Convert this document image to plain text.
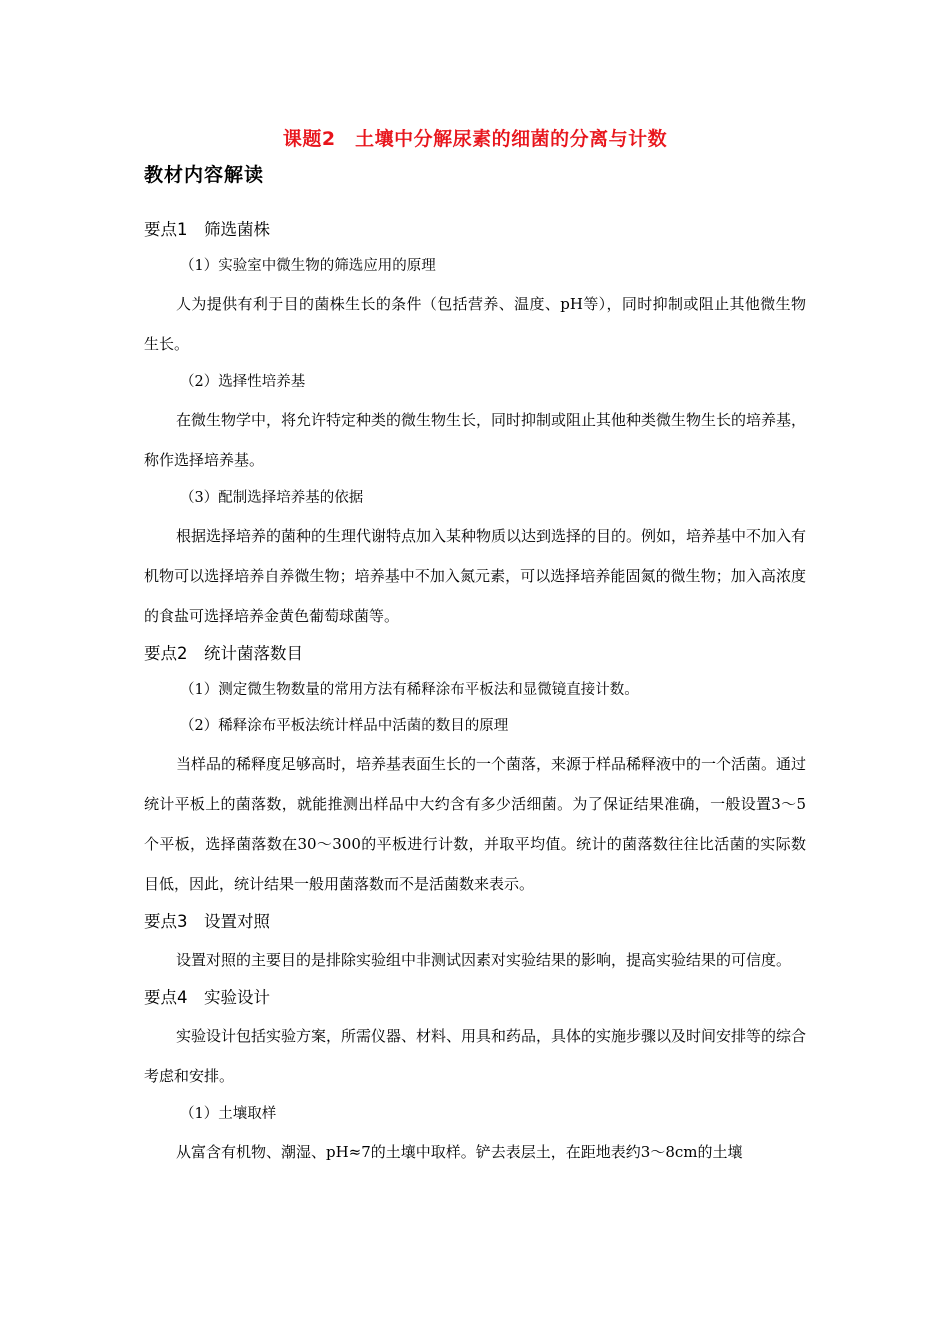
课题2　土壤中分解尿素的细菌的分离与计数
教材内容解读
要点1　筛选菌株
（1）实验室中微生物的筛选应用的原理

人为提供有利于目的菌株生长的条件（包括营养、温度、pH等），同时抑制或阻止其他微生物生长。

（2）选择性培养基

在微生物学中，将允许特定种类的微生物生长，同时抑制或阻止其他种类微生物生长的培养基，称作选择培养基。

（3）配制选择培养基的依据

根据选择培养的菌种的生理代谢特点加入某种物质以达到选择的目的。例如，培养基中不加入有机物可以选择培养自养微生物；培养基中不加入氮元素，可以选择培养能固氮的微生物；加入高浓度的食盐可选择培养金黄色葡萄球菌等。

要点2　统计菌落数目
（1）测定微生物数量的常用方法有稀释涂布平板法和显微镜直接计数。
（2）稀释涂布平板法统计样品中活菌的数目的原理

当样品的稀释度足够高时，培养基表面生长的一个菌落，来源于样品稀释液中的一个活菌。通过统计平板上的菌落数，就能推测出样品中大约含有多少活细菌。为了保证结果准确，一般设置3～5个平板，选择菌落数在30～300的平板进行计数，并取平均值。统计的菌落数往往比活菌的实际数目低，因此，统计结果一般用菌落数而不是活菌数来表示。

要点3　设置对照

设置对照的主要目的是排除实验组中非测试因素对实验结果的影响，提高实验结果的可信度。

要点4　实验设计

实验设计包括实验方案，所需仪器、材料、用具和药品，具体的实施步骤以及时间安排等的综合考虑和安排。

（1）土壤取样

从富含有机物、潮湿、pH≈7的土壤中取样。铲去表层土，在距地表约3～8cm的土壤
